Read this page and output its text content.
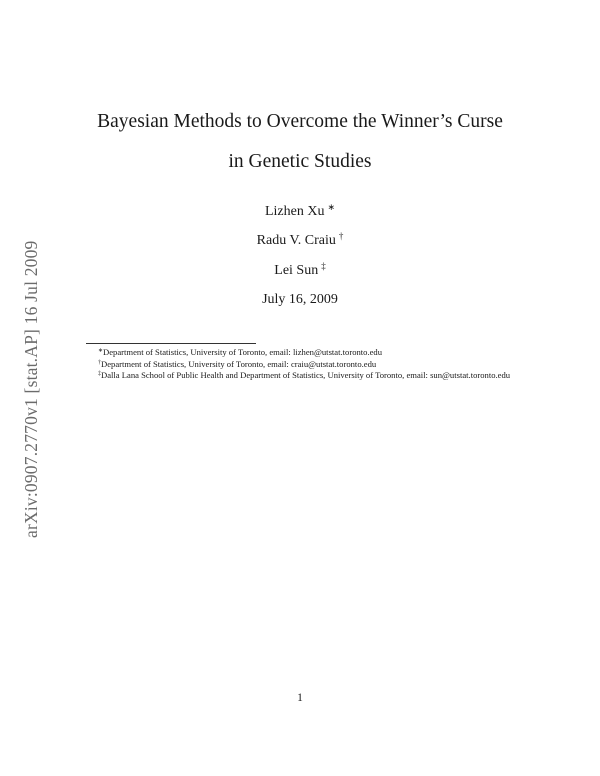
arXiv:0907.2770v1 [stat.AP] 16 Jul 2009
Bayesian Methods to Overcome the Winner’s Curse
in Genetic Studies
Lizhen Xu ∗
Radu V. Craiu †
Lei Sun ‡
July 16, 2009

∗Department of Statistics, University of Toronto, email: lizhen@utstat.toronto.edu

†Department of Statistics, University of Toronto, email: craiu@utstat.toronto.edu

‡Dalla Lana School of Public Health and Department of Statistics, University of Toronto, email: sun@utstat.toronto.edu

1
